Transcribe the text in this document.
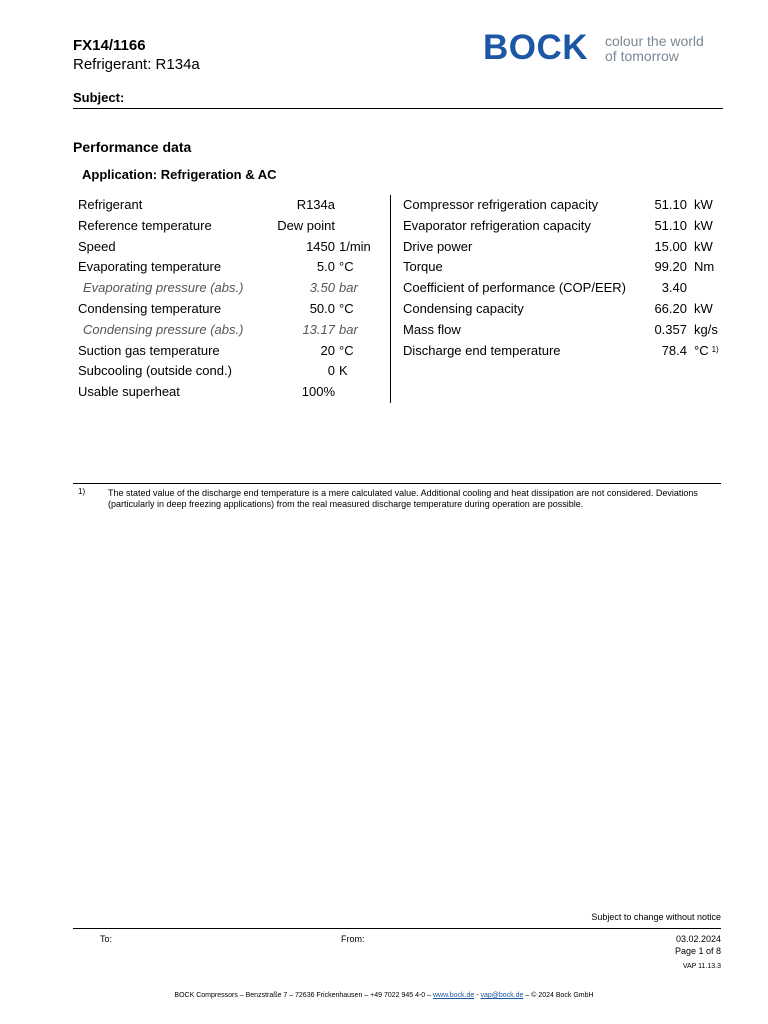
FX14/1166
Refrigerant: R134a
Subject:
BOCK colour the world
of tomorrow
Performance data
Application: Refrigeration & AC
Refrigerant	R134a
Reference temperature	Dew point
Speed	1450 1/min
Evaporating temperature	5.0 °C
Evaporating pressure (abs.)	3.50 bar
Condensing temperature	50.0 °C
Condensing pressure (abs.)	13.17 bar
Suction gas temperature	20 °C
Subcooling (outside cond.)	0 K
Usable superheat	100%
Compressor refrigeration capacity	51.10 kW
Evaporator refrigeration capacity	51.10 kW
Drive power	15.00 kW
Torque	99.20 Nm
Coefficient of performance (COP/EER)	3.40
Condensing capacity	66.20 kW
Mass flow	0.357 kg/s
Discharge end temperature	78.4 °C $^{1)}$
1)	The stated value of the discharge end temperature is a mere calculated value. Additional cooling and heat dissipation are not considered. Deviations (particularly in deep freezing applications) from the real measured discharge temperature during operation are possible.
Subject to change without notice
To:	From:	03.02.2024
Page 1 of 8
VAP 11.13.3
BOCK Compressors – Benzstraße 7 – 72636 Frickenhausen – +49 7022 945 4-0 – www.bock.de - vap@bock.de – © 2024 Bock GmbH
